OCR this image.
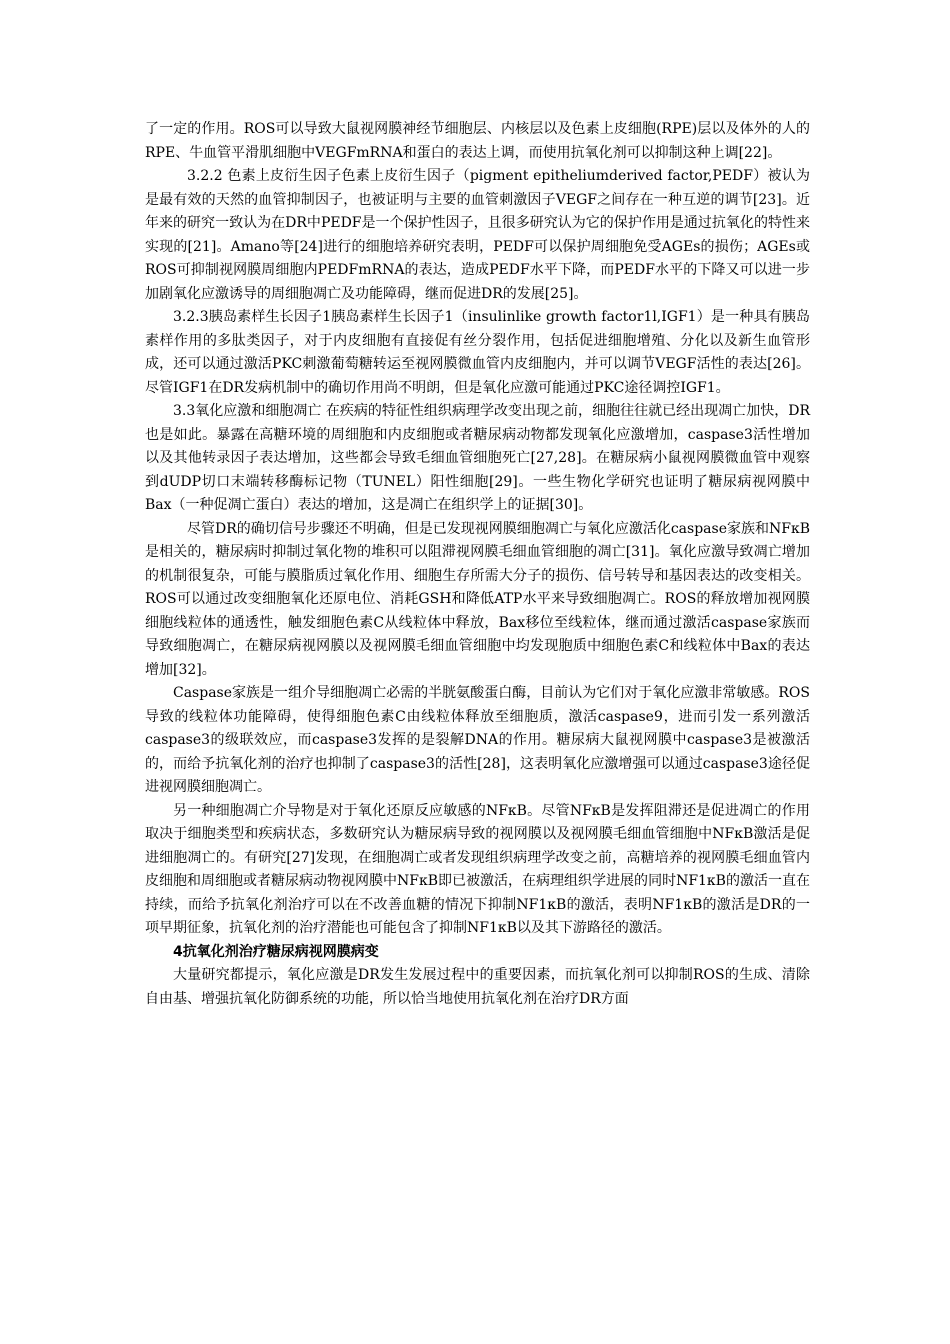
了一定的作用。ROS可以导致大鼠视网膜神经节细胞层、内核层以及色素上皮细胞(RPE)层以及体外的人的RPE、牛血管平滑肌细胞中VEGFmRNA和蛋白的表达上调，而使用抗氧化剂可以抑制这种上调[22]。

3.2.2 色素上皮衍生因子色素上皮衍生因子（pigment epitheliumderived factor,PEDF）被认为是最有效的天然的血管抑制因子，也被证明与主要的血管刺激因子VEGF之间存在一种互逆的调节[23]。近年来的研究一致认为在DR中PEDF是一个保护性因子，且很多研究认为它的保护作用是通过抗氧化的特性来实现的[21]。Amano等[24]进行的细胞培养研究表明，PEDF可以保护周细胞免受AGEs的损伤；AGEs或ROS可抑制视网膜周细胞内PEDFmRNA的表达，造成PEDF水平下降，而PEDF水平的下降又可以进一步加剧氧化应激诱导的周细胞凋亡及功能障碍，继而促进DR的发展[25]。

3.2.3胰岛素样生长因子1胰岛素样生长因子1（insulinlike growth factor1l,IGF1）是一种具有胰岛素样作用的多肽类因子，对于内皮细胞有直接促有丝分裂作用，包括促进细胞增殖、分化以及新生血管形成，还可以通过激活PKC刺激葡萄糖转运至视网膜微血管内皮细胞内，并可以调节VEGF活性的表达[26]。尽管IGF1在DR发病机制中的确切作用尚不明朗，但是氧化应激可能通过PKC途径调控IGF1。

3.3氧化应激和细胞凋亡 在疾病的特征性组织病理学改变出现之前，细胞往往就已经出现凋亡加快，DR也是如此。暴露在高糖环境的周细胞和内皮细胞或者糖尿病动物都发现氧化应激增加，caspase3活性增加以及其他转录因子表达增加，这些都会导致毛细血管细胞死亡[27,28]。在糖尿病小鼠视网膜微血管中观察到dUDP切口末端转移酶标记物（TUNEL）阳性细胞[29]。一些生物化学研究也证明了糖尿病视网膜中Bax（一种促凋亡蛋白）表达的增加，这是凋亡在组织学上的证据[30]。

尽管DR的确切信号步骤还不明确，但是已发现视网膜细胞凋亡与氧化应激活化caspase家族和NFκB是相关的，糖尿病时抑制过氧化物的堆积可以阻滞视网膜毛细血管细胞的凋亡[31]。氧化应激导致凋亡增加的机制很复杂，可能与膜脂质过氧化作用、细胞生存所需大分子的损伤、信号转导和基因表达的改变相关。ROS可以通过改变细胞氧化还原电位、消耗GSH和降低ATP水平来导致细胞凋亡。ROS的释放增加视网膜细胞线粒体的通透性，触发细胞色素C从线粒体中释放，Bax移位至线粒体，继而通过激活caspase家族而导致细胞凋亡，在糖尿病视网膜以及视网膜毛细血管细胞中均发现胞质中细胞色素C和线粒体中Bax的表达增加[32]。

Caspase家族是一组介导细胞凋亡必需的半胱氨酸蛋白酶，目前认为它们对于氧化应激非常敏感。ROS导致的线粒体功能障碍，使得细胞色素C由线粒体释放至细胞质，激活caspase9，进而引发一系列激活caspase3的级联效应，而caspase3发挥的是裂解DNA的作用。糖尿病大鼠视网膜中caspase3是被激活的，而给予抗氧化剂的治疗也抑制了caspase3的活性[28]，这表明氧化应激增强可以通过caspase3途径促进视网膜细胞凋亡。

另一种细胞凋亡介导物是对于氧化还原反应敏感的NFκB。尽管NFκB是发挥阻滞还是促进凋亡的作用取决于细胞类型和疾病状态，多数研究认为糖尿病导致的视网膜以及视网膜毛细血管细胞中NFκB激活是促进细胞凋亡的。有研究[27]发现，在细胞凋亡或者发现组织病理学改变之前，高糖培养的视网膜毛细血管内皮细胞和周细胞或者糖尿病动物视网膜中NFκB即已被激活，在病理组织学进展的同时NF1κB的激活一直在持续，而给予抗氧化剂治疗可以在不改善血糖的情况下抑制NF1κB的激活，表明NF1κB的激活是DR的一项早期征象，抗氧化剂的治疗潜能也可能包含了抑制NF1κB以及其下游路径的激活。

4抗氧化剂治疗糖尿病视网膜病变

大量研究都提示，氧化应激是DR发生发展过程中的重要因素，而抗氧化剂可以抑制ROS的生成、清除自由基、增强抗氧化防御系统的功能，所以恰当地使用抗氧化剂在治疗DR方面
